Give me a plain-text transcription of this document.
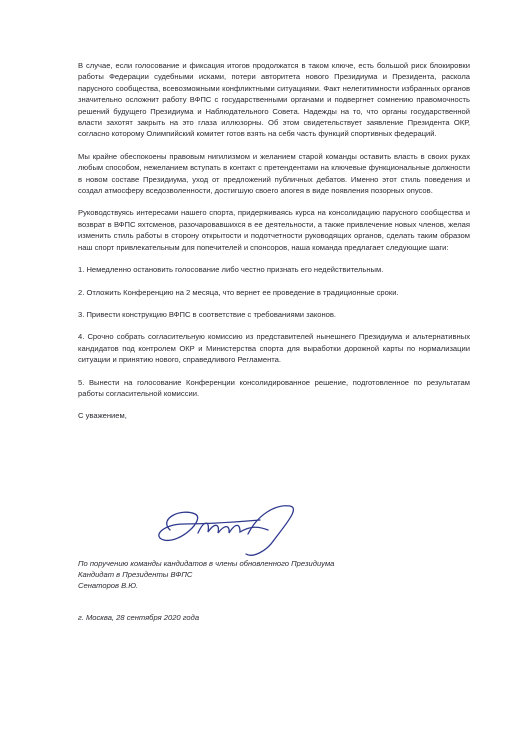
В случае, если голосование и фиксация итогов продолжатся в таком ключе, есть большой риск блокировки работы Федерации судебными исками, потери авторитета нового Президиума и Президента, раскола парусного сообщества, всевозможными конфликтными ситуациями. Факт нелегитимности избранных органов значительно осложнит работу ВФПС с государственными органами и подвергнет сомнению правомочность решений будущего Президиума и Наблюдательного Совета. Надежды на то, что органы государственной власти захотят закрыть на это глаза иллюзорны. Об этом свидетельствует заявление Президента ОКР, согласно которому Олимпийский комитет готов взять на себя часть функций спортивных федераций.

Мы крайне обеспокоены правовым нигилизмом и желанием старой команды оставить власть в своих руках любым способом, нежеланием вступать в контакт с претендентами на ключевые функциональные должности в новом составе Президиума, уход от предложений публичных дебатов. Именно этот стиль поведения и создал атмосферу вседозволенности, достигшую своего апогея в виде появления позорных опусов.

Руководствуясь интересами нашего спорта, придерживаясь курса на консолидацию парусного сообщества и возврат в ВФПС яхтсменов, разочаровавшихся в ее деятельности, а также привлечение новых членов, желая изменить стиль работы в сторону открытости и подотчетности руководящих органов, сделать таким образом наш спорт привлекательным для попечителей и спонсоров, наша команда предлагает следующие шаги:

1. Немедленно остановить голосование либо честно признать его недействительным.
2. Отложить Конференцию на 2 месяца, что вернет ее проведение в традиционные сроки.
3. Привести конструкцию ВФПС в соответствие с требованиями законов.
4. Срочно собрать согласительную комиссию из представителей нынешнего Президиума и альтернативных кандидатов под контролем ОКР и Министерства спорта для выработки дорожной карты по нормализации ситуации и принятию нового, справедливого Регламента.
5. Вынести на голосование Конференции консолидированное решение, подготовленное по результатам работы согласительной комиссии.
С уважением,
По поручению команды кандидатов в члены обновленного Президиума
Кандидат в Президенты ВФПС
Сенаторов В.Ю.
г. Москва, 28 сентября 2020 года
